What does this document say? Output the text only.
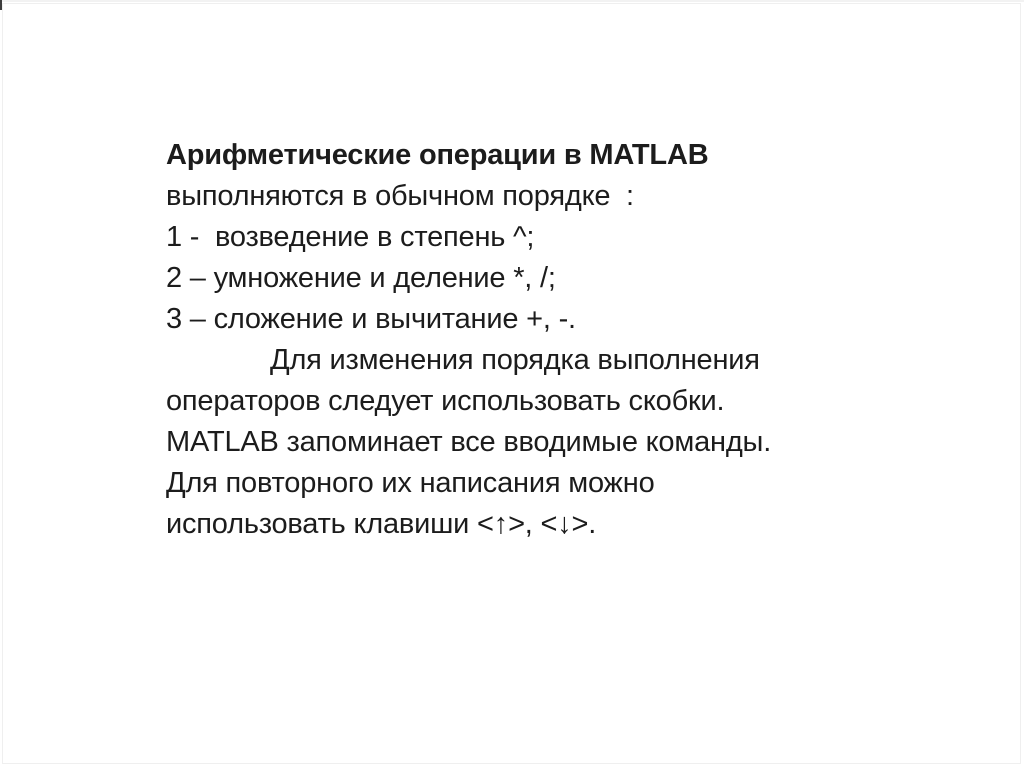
Арифметические операции в MATLAB
выполняются в обычном порядке  :
1 -  возведение в степень ^;
2 – умножение и деление *, /;
3 – сложение и вычитание +, -.
Для изменения порядка выполнения
операторов следует использовать скобки.
MATLAB запоминает все вводимые команды.
Для повторного их написания можно
использовать клавиши <↑>, <↓>.
